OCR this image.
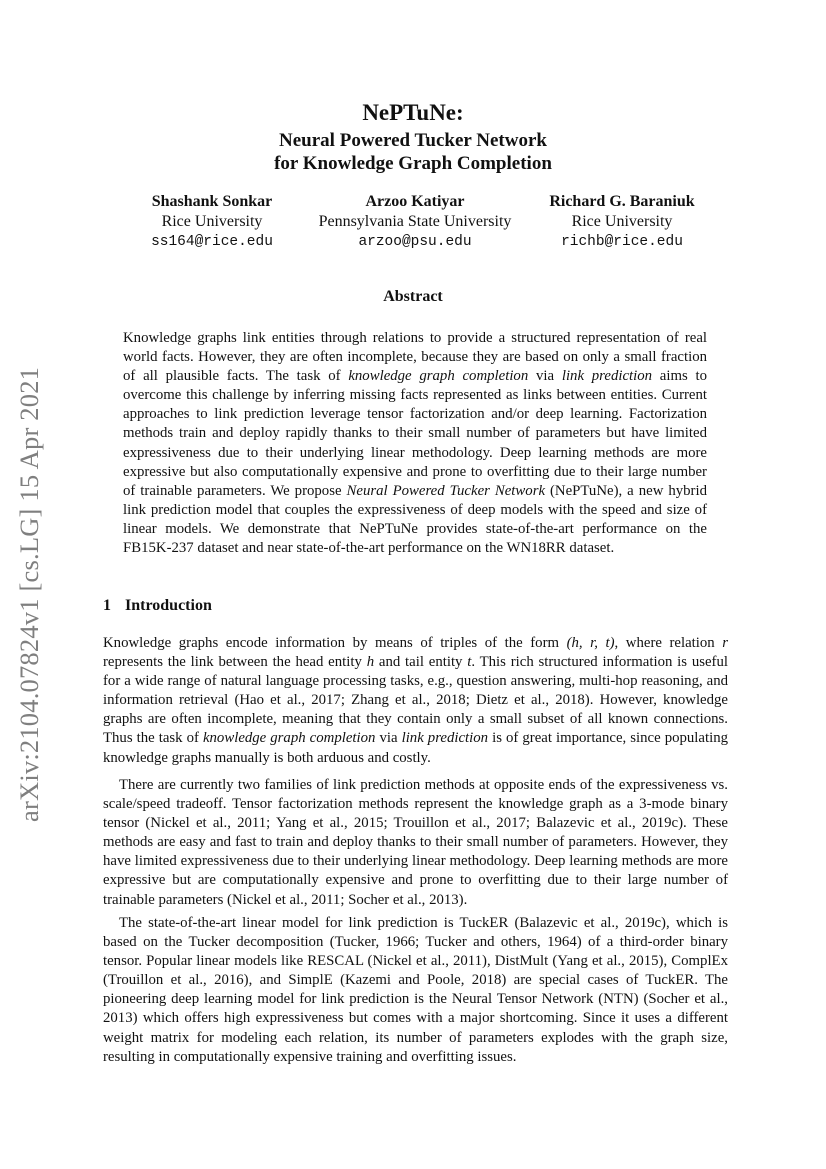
arXiv:2104.07824v1 [cs.LG] 15 Apr 2021
NePTuNe:
Neural Powered Tucker Network
for Knowledge Graph Completion
Shashank Sonkar
Rice University
ss164@rice.edu
Arzoo Katiyar
Pennsylvania State University
arzoo@psu.edu
Richard G. Baraniuk
Rice University
richb@rice.edu
Abstract

Knowledge graphs link entities through relations to provide a structured representation of real world facts. However, they are often incomplete, because they are based on only a small fraction of all plausible facts. The task of knowledge graph completion via link prediction aims to overcome this challenge by inferring missing facts represented as links between entities. Current approaches to link prediction leverage tensor factorization and/or deep learning. Factorization methods train and deploy rapidly thanks to their small number of parameters but have limited expressiveness due to their underlying linear methodology. Deep learning methods are more expressive but also computationally expensive and prone to overfitting due to their large number of trainable parameters. We propose Neural Powered Tucker Network (NePTuNe), a new hybrid link prediction model that couples the expressiveness of deep models with the speed and size of linear models. We demonstrate that NePTuNe provides state-of-the-art performance on the FB15K-237 dataset and near state-of-the-art performance on the WN18RR dataset.

1 Introduction

Knowledge graphs encode information by means of triples of the form (h, r, t), where relation r represents the link between the head entity h and tail entity t. This rich structured information is useful for a wide range of natural language processing tasks, e.g., question answering, multi-hop reasoning, and information retrieval (Hao et al., 2017; Zhang et al., 2018; Dietz et al., 2018). However, knowledge graphs are often incomplete, meaning that they contain only a small subset of all known connections. Thus the task of knowledge graph completion via link prediction is of great importance, since populating knowledge graphs manually is both arduous and costly.

There are currently two families of link prediction methods at opposite ends of the expressiveness vs. scale/speed tradeoff. Tensor factorization methods represent the knowledge graph as a 3-mode binary tensor (Nickel et al., 2011; Yang et al., 2015; Trouillon et al., 2017; Balazevic et al., 2019c). These methods are easy and fast to train and deploy thanks to their small number of parameters. However, they have limited expressiveness due to their underlying linear methodology. Deep learning methods are more expressive but are computationally expensive and prone to overfitting due to their large number of trainable parameters (Nickel et al., 2011; Socher et al., 2013).

The state-of-the-art linear model for link prediction is TuckER (Balazevic et al., 2019c), which is based on the Tucker decomposition (Tucker, 1966; Tucker and others, 1964) of a third-order binary tensor. Popular linear models like RESCAL (Nickel et al., 2011), DistMult (Yang et al., 2015), ComplEx (Trouillon et al., 2016), and SimplE (Kazemi and Poole, 2018) are special cases of TuckER. The pioneering deep learning model for link prediction is the Neural Tensor Network (NTN) (Socher et al., 2013) which offers high expressiveness but comes with a major shortcoming. Since it uses a different weight matrix for modeling each relation, its number of parameters explodes with the graph size, resulting in computationally expensive training and overfitting issues.
